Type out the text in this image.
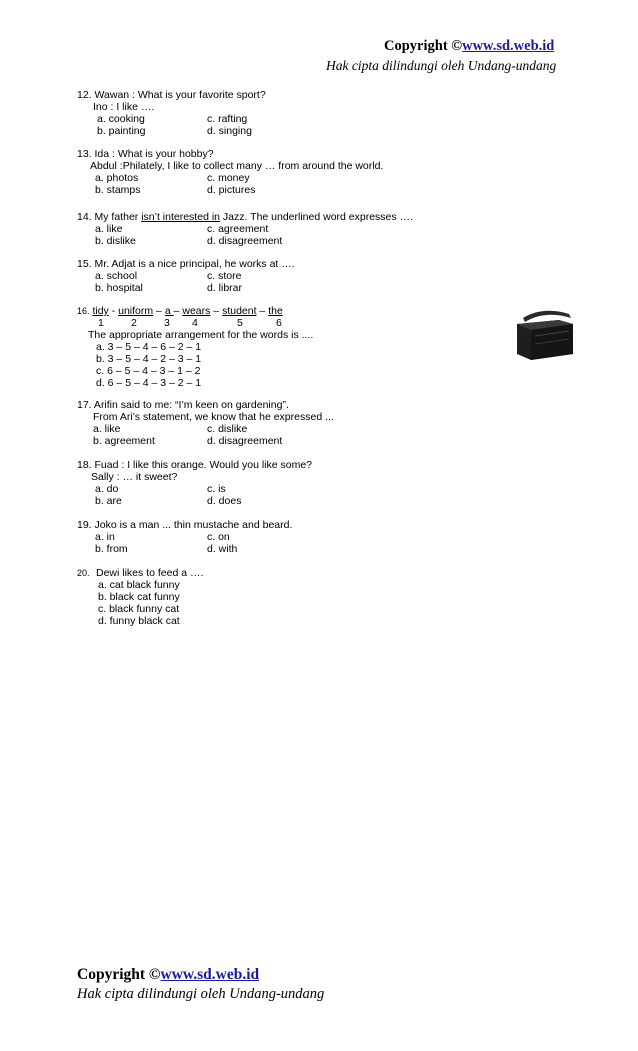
Copyright ©www.sd.web.id
Hak cipta dilindungi oleh Undang-undang
12. Wawan : What is your favorite sport?
Ino : I like ….
a. cooking	c. rafting
b. painting	d. singing
13. Ida : What is your hobby?
Abdul :Philately, I like to collect many … from around the world.
a. photos	c. money
b. stamps	d. pictures
14. My father isn’t interested in Jazz. The underlined word expresses ….
a. like	c. agreement
b. dislike	d. disagreement
15. Mr. Adjat is a nice principal, he works at ….
a. school	c. store
b. hospital	d. librar
16. tidy - uniform – a – wears – student – the
1	2	3 4	5	6
The appropriate arrangement for the words is ....
a. 3 – 5 – 4 – 6 – 2 – 1
b. 3 – 5 – 4 – 2 – 3 – 1
c. 6 – 5 – 4 – 3 – 1 – 2
d. 6 – 5 – 4 – 3 – 2 – 1
17. Arifin said to me: “I’m keen on gardening”.
From Ari’s statement, we know that he expressed ...
a. like	c. dislike
b. agreement	d. disagreement
18. Fuad : I like this orange. Would you like some?
Sally : … it sweet?
a. do	c. is
b. are	d. does
19. Joko is a man ... thin mustache and beard.
a. in	c. on
b. from	d. with
20. Dewi likes to feed a ….
a. cat black funny
b. black cat funny
c. black funny cat
d. funny black cat
Copyright ©www.sd.web.id
Hak cipta dilindungi oleh Undang-undang
